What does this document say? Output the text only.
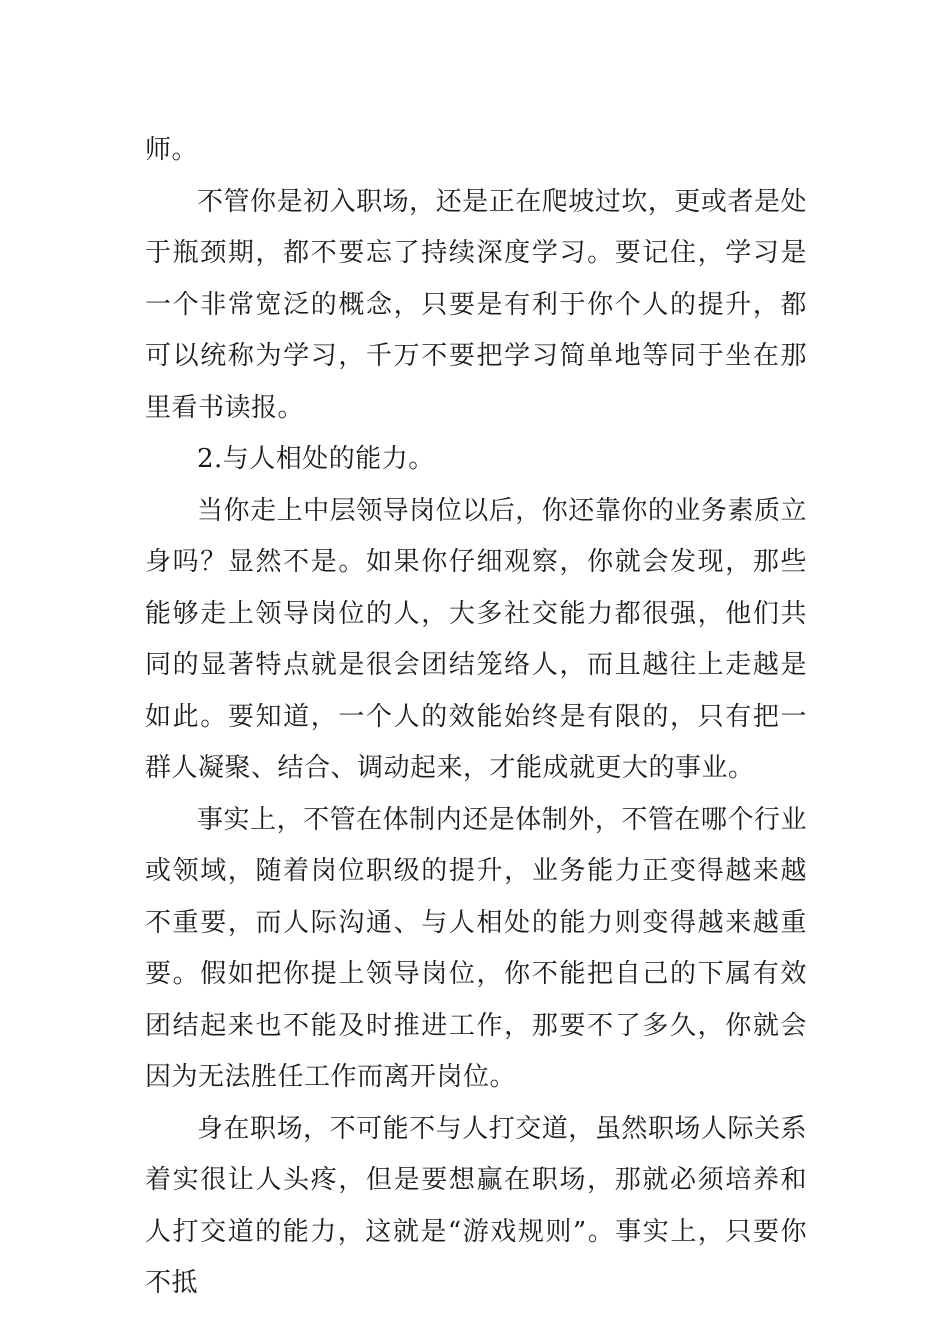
师。

不管你是初入职场，还是正在爬坡过坎，更或者是处于瓶颈期，都不要忘了持续深度学习。要记住，学习是一个非常宽泛的概念，只要是有利于你个人的提升，都可以统称为学习，千万不要把学习简单地等同于坐在那里看书读报。

2.与人相处的能力。

当你走上中层领导岗位以后，你还靠你的业务素质立身吗？显然不是。如果你仔细观察，你就会发现，那些能够走上领导岗位的人，大多社交能力都很强，他们共同的显著特点就是很会团结笼络人，而且越往上走越是如此。要知道，一个人的效能始终是有限的，只有把一群人凝聚、结合、调动起来，才能成就更大的事业。

事实上，不管在体制内还是体制外，不管在哪个行业或领域，随着岗位职级的提升，业务能力正变得越来越不重要，而人际沟通、与人相处的能力则变得越来越重要。假如把你提上领导岗位，你不能把自己的下属有效团结起来也不能及时推进工作，那要不了多久，你就会因为无法胜任工作而离开岗位。

身在职场，不可能不与人打交道，虽然职场人际关系着实很让人头疼，但是要想赢在职场，那就必须培养和人打交道的能力，这就是“游戏规则”。事实上，只要你不抵
